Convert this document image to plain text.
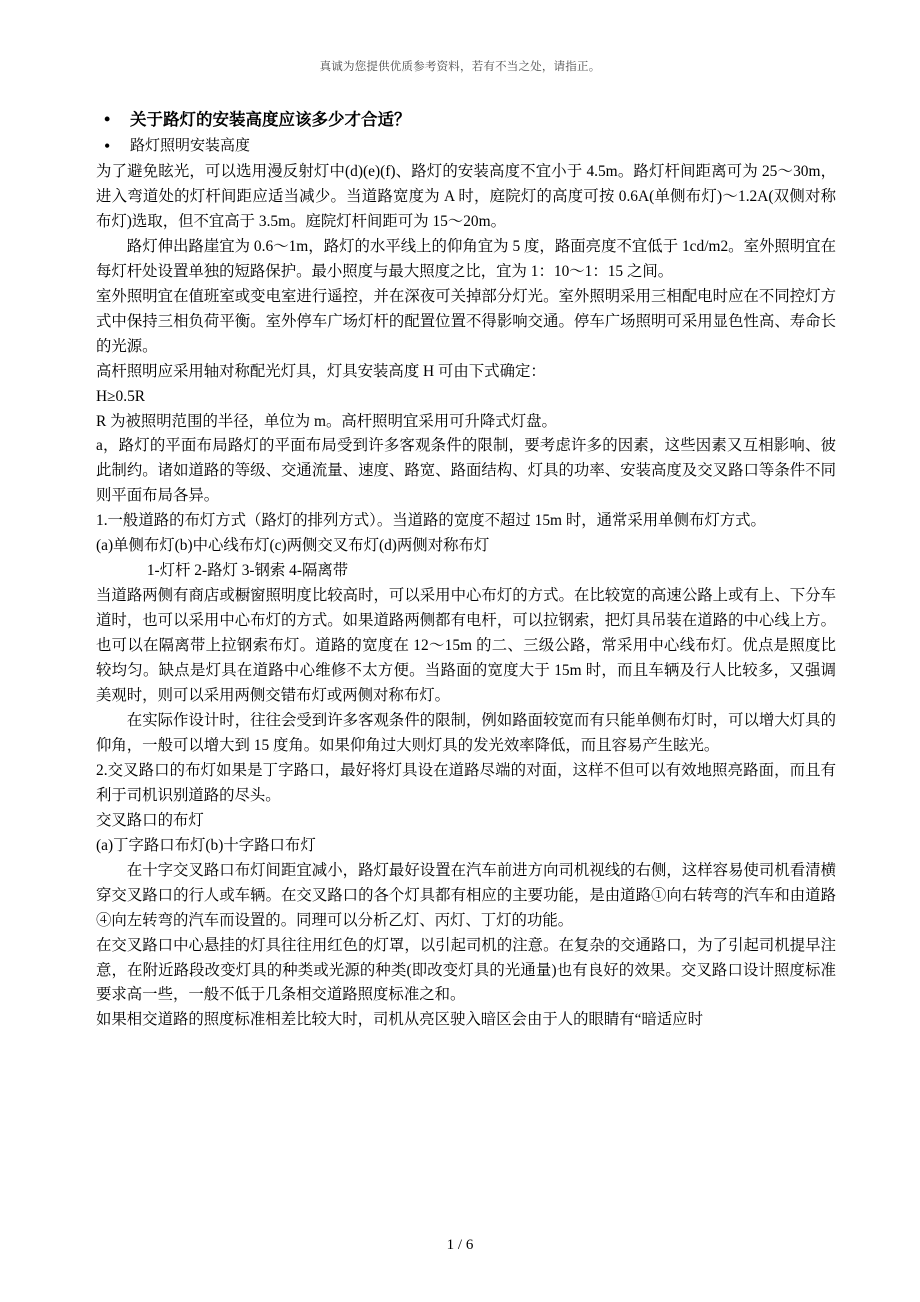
真诚为您提供优质参考资料，若有不当之处，请指正。
• 关于路灯的安装高度应该多少才合适？
• 路灯照明安装高度

为了避免眩光，可以选用漫反射灯中(d)(e)(f)、路灯的安装高度不宜小于 4.5m。路灯杆间距离可为 25～30m，进入弯道处的灯杆间距应适当减少。当道路宽度为 A 时，庭院灯的高度可按 0.6A(单侧布灯)～1.2A(双侧对称布灯)选取，但不宜高于 3.5m。庭院灯杆间距可为 15～20m。

路灯伸出路崖宜为 0.6～1m，路灯的水平线上的仰角宜为 5 度，路面亮度不宜低于 1cd/m2。室外照明宜在每灯杆处设置单独的短路保护。最小照度与最大照度之比，宜为 1：10～1：15 之间。

室外照明宜在值班室或变电室进行遥控，并在深夜可关掉部分灯光。室外照明采用三相配电时应在不同控灯方式中保持三相负荷平衡。室外停车广场灯杆的配置位置不得影响交通。停车广场照明可采用显色性高、寿命长的光源。

高杆照明应采用轴对称配光灯具，灯具安装高度 H 可由下式确定：

H≥0.5R

R 为被照明范围的半径，单位为 m。高杆照明宜采用可升降式灯盘。

a，路灯的平面布局路灯的平面布局受到许多客观条件的限制，要考虑许多的因素，这些因素又互相影响、彼此制约。诸如道路的等级、交通流量、速度、路宽、路面结构、灯具的功率、安装高度及交叉路口等条件不同则平面布局各异。

1.一般道路的布灯方式（路灯的排列方式）。当道路的宽度不超过 15m 时，通常采用单侧布灯方式。

(a)单侧布灯(b)中心线布灯(c)两侧交叉布灯(d)两侧对称布灯

1-灯杆 2-路灯 3-钢索 4-隔离带

当道路两侧有商店或橱窗照明度比较高时，可以采用中心布灯的方式。在比较宽的高速公路上或有上、下分车道时，也可以采用中心布灯的方式。如果道路两侧都有电杆，可以拉钢索，把灯具吊装在道路的中心线上方。也可以在隔离带上拉钢索布灯。道路的宽度在 12～15m 的二、三级公路，常采用中心线布灯。优点是照度比较均匀。缺点是灯具在道路中心维修不太方便。当路面的宽度大于 15m 时，而且车辆及行人比较多，又强调美观时，则可以采用两侧交错布灯或两侧对称布灯。

在实际作设计时，往往会受到许多客观条件的限制，例如路面较宽而有只能单侧布灯时，可以增大灯具的仰角，一般可以增大到 15 度角。如果仰角过大则灯具的发光效率降低，而且容易产生眩光。

2.交叉路口的布灯如果是丁字路口，最好将灯具设在道路尽端的对面，这样不但可以有效地照亮路面，而且有利于司机识别道路的尽头。

交叉路口的布灯

(a)丁字路口布灯(b)十字路口布灯

在十字交叉路口布灯间距宜减小，路灯最好设置在汽车前进方向司机视线的右侧，这样容易使司机看清横穿交叉路口的行人或车辆。在交叉路口的各个灯具都有相应的主要功能，是由道路①向右转弯的汽车和由道路④向左转弯的汽车而设置的。同理可以分析乙灯、丙灯、丁灯的功能。

在交叉路口中心悬挂的灯具往往用红色的灯罩，以引起司机的注意。在复杂的交通路口，为了引起司机提早注意，在附近路段改变灯具的种类或光源的种类(即改变灯具的光通量)也有良好的效果。交叉路口设计照度标准要求高一些，一般不低于几条相交道路照度标准之和。

如果相交道路的照度标准相差比较大时，司机从亮区驶入暗区会由于人的眼睛有“暗适应时

1 / 6
